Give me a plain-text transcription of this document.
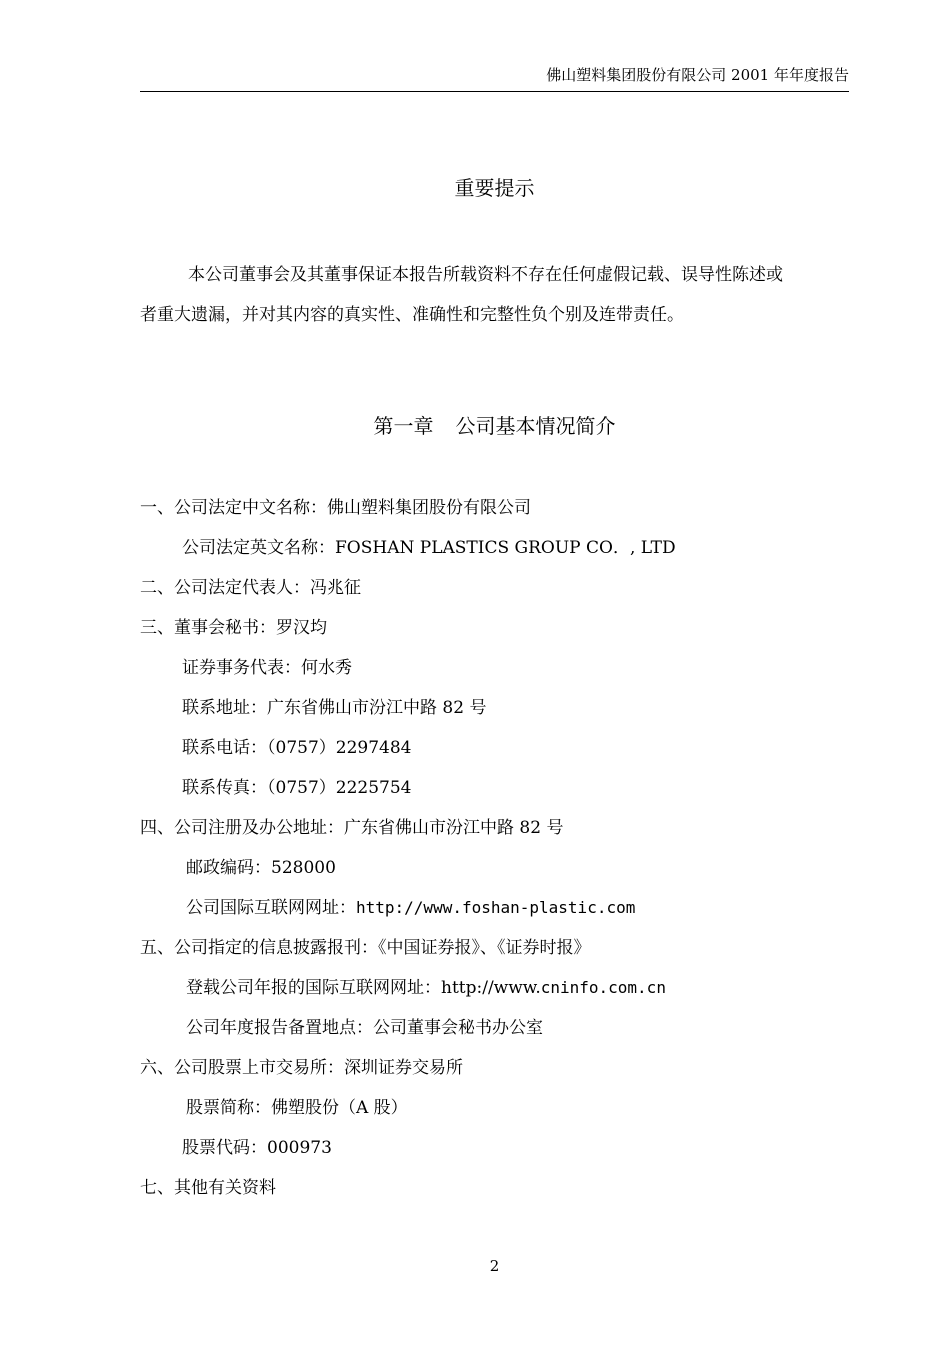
佛山塑料集团股份有限公司 2001 年年度报告
重要提示
本公司董事会及其董事保证本报告所载资料不存在任何虚假记载、误导性陈述或
者重大遗漏，并对其内容的真实性、准确性和完整性负个别及连带责任。
第一章 公司基本情况简介
一、公司法定中文名称：佛山塑料集团股份有限公司
公司法定英文名称：FOSHAN PLASTICS GROUP CO．, LTD
二、公司法定代表人：冯兆征
三、董事会秘书：罗汉均
证券事务代表：何水秀
联系地址：广东省佛山市汾江中路 82 号
联系电话：（0757）2297484
联系传真：（0757）2225754
四、公司注册及办公地址：广东省佛山市汾江中路 82 号
邮政编码：528000
公司国际互联网网址：http://www.foshan-plastic.com
五、公司指定的信息披露报刊：《中国证券报》、《证券时报》
登载公司年报的国际互联网网址：http://www.cninfo.com.cn
公司年度报告备置地点：公司董事会秘书办公室
六、公司股票上市交易所：深圳证券交易所
股票简称：佛塑股份（A 股）
股票代码：000973
七、其他有关资料
2
